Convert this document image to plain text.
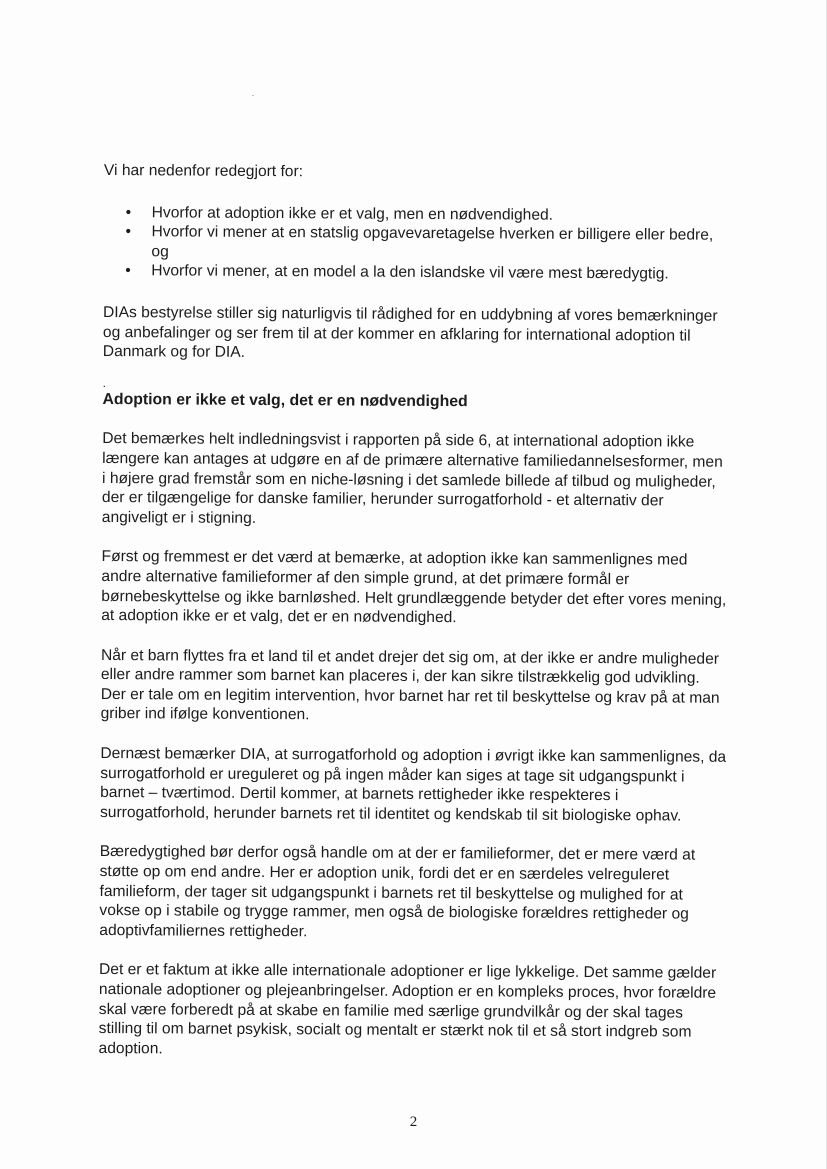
Vi har nedenfor redegjort for:

• Hvorfor at adoption ikke er et valg, men en nødvendighed.
• Hvorfor vi mener at en statslig opgavevaretagelse hverken er billigere eller bedre, og
• Hvorfor vi mener, at en model a la den islandske vil være mest bæredygtig.

DIAs bestyrelse stiller sig naturligvis til rådighed for en uddybning af vores bemærkninger og anbefalinger og ser frem til at der kommer en afklaring for international adoption til Danmark og for DIA.

.
Adoption er ikke et valg, det er en nødvendighed

Det bemærkes helt indledningsvist i rapporten på side 6, at international adoption ikke længere kan antages at udgøre en af de primære alternative familiedannelsesformer, men i højere grad fremstår som en niche-løsning i det samlede billede af tilbud og muligheder, der er tilgængelige for danske familier, herunder surrogatforhold - et alternativ der angiveligt er i stigning.

Først og fremmest er det værd at bemærke, at adoption ikke kan sammenlignes med andre alternative familieformer af den simple grund, at det primære formål er børnebeskyttelse og ikke barnløshed. Helt grundlæggende betyder det efter vores mening, at adoption ikke er et valg, det er en nødvendighed.

Når et barn flyttes fra et land til et andet drejer det sig om, at der ikke er andre muligheder eller andre rammer som barnet kan placeres i, der kan sikre tilstrækkelig god udvikling. Der er tale om en legitim intervention, hvor barnet har ret til beskyttelse og krav på at man griber ind ifølge konventionen.

Dernæst bemærker DIA, at surrogatforhold og adoption i øvrigt ikke kan sammenlignes, da surrogatforhold er ureguleret og på ingen måder kan siges at tage sit udgangspunkt i barnet – tværtimod. Dertil kommer, at barnets rettigheder ikke respekteres i surrogatforhold, herunder barnets ret til identitet og kendskab til sit biologiske ophav.

Bæredygtighed bør derfor også handle om at der er familieformer, det er mere værd at støtte op om end andre. Her er adoption unik, fordi det er en særdeles velreguleret familieform, der tager sit udgangspunkt i barnets ret til beskyttelse og mulighed for at vokse op i stabile og trygge rammer, men også de biologiske forældres rettigheder og adoptivfamiliernes rettigheder.

Det er et faktum at ikke alle internationale adoptioner er lige lykkelige. Det samme gælder nationale adoptioner og plejeanbringelser. Adoption er en kompleks proces, hvor forældre skal være forberedt på at skabe en familie med særlige grundvilkår og der skal tages stilling til om barnet psykisk, socialt og mentalt er stærkt nok til et så stort indgreb som adoption.

2
